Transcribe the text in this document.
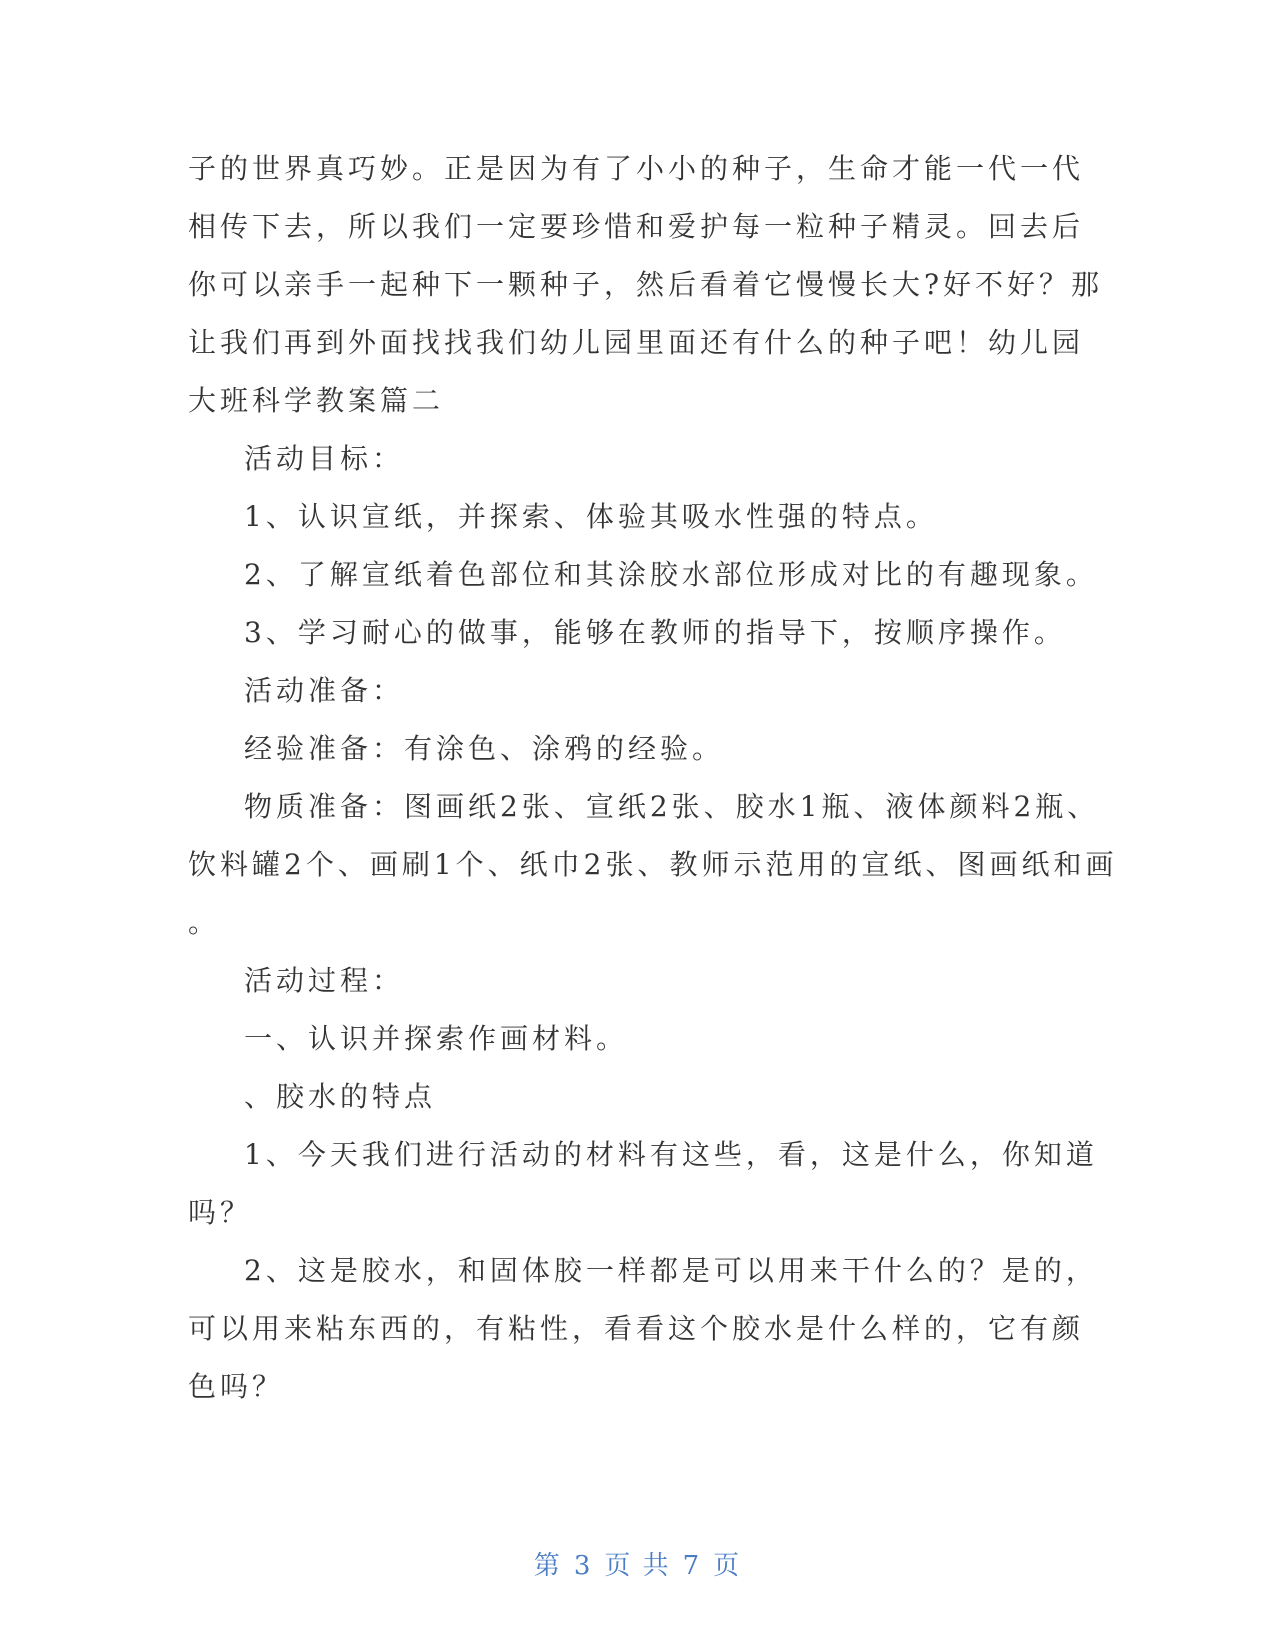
子的世界真巧妙。正是因为有了小小的种子，生命才能一代一代
相传下去，所以我们一定要珍惜和爱护每一粒种子精灵。回去后
你可以亲手一起种下一颗种子，然后看着它慢慢长大?好不好？那
让我们再到外面找找我们幼儿园里面还有什么的种子吧！幼儿园
大班科学教案篇二

活动目标：

1、认识宣纸，并探索、体验其吸水性强的特点。

2、了解宣纸着色部位和其涂胶水部位形成对比的有趣现象。

3、学习耐心的做事，能够在教师的指导下，按顺序操作。

活动准备：

经验准备：有涂色、涂鸦的经验。

物质准备：图画纸2张、宣纸2张、胶水1瓶、液体颜料2瓶、
饮料罐2个、画刷1个、纸巾2张、教师示范用的宣纸、图画纸和画
。

活动过程：

一、认识并探索作画材料。

、胶水的特点

1、今天我们进行活动的材料有这些，看，这是什么，你知道
吗？

2、这是胶水，和固体胶一样都是可以用来干什么的？是的，
可以用来粘东西的，有粘性，看看这个胶水是什么样的，它有颜
色吗？

第 3 页 共 7 页
